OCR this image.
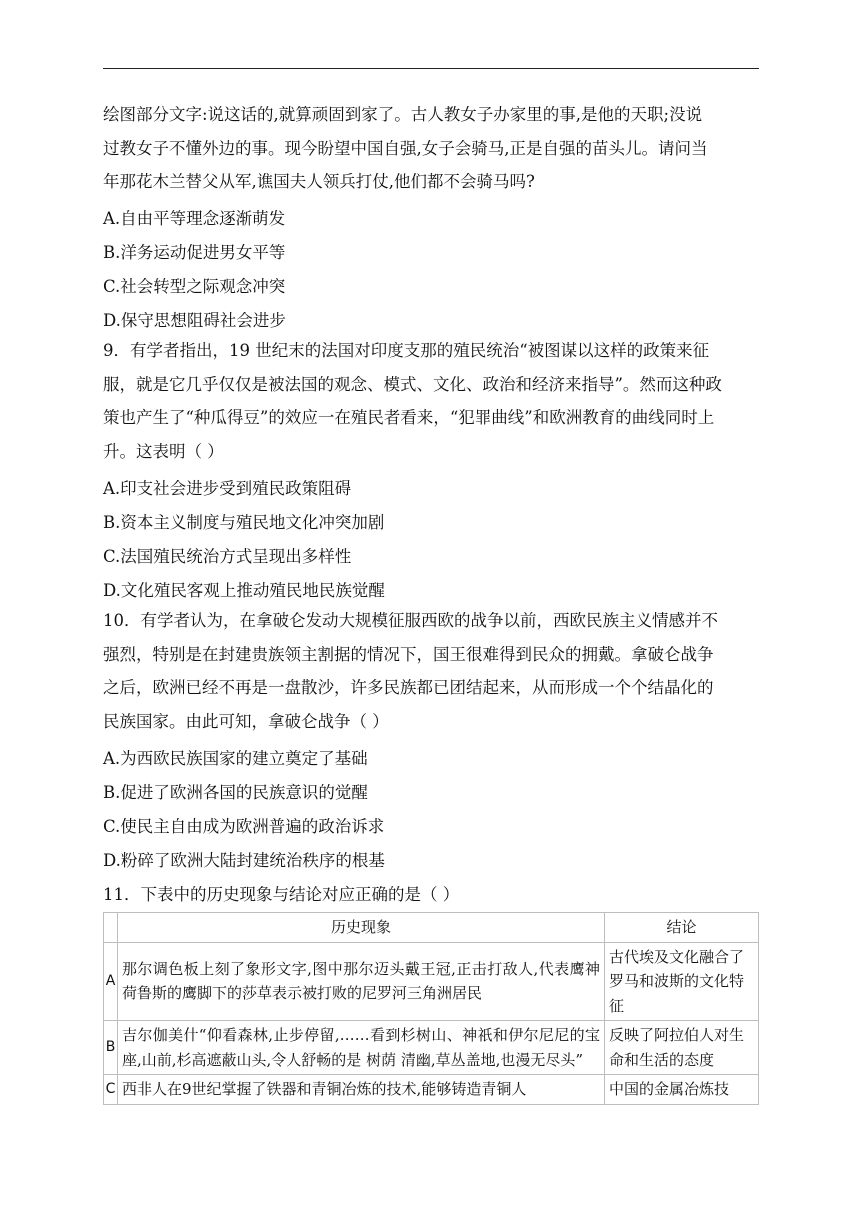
绘图部分文字:说这话的,就算顽固到家了。古人教女子办家里的事,是他的天职;没说
过教女子不懂外边的事。现今盼望中国自强,女子会骑马,正是自强的苗头儿。请问当
年那花木兰替父从军,谯国夫人领兵打仗,他们都不会骑马吗?
A.自由平等理念逐渐萌发
B.洋务运动促进男女平等
C.社会转型之际观念冲突
D.保守思想阻碍社会进步
9．有学者指出，19 世纪末的法国对印度支那的殖民统治“被图谋以这样的政策来征
服，就是它几乎仅仅是被法国的观念、模式、文化、政治和经济来指导”。然而这种政
策也产生了“种瓜得豆”的效应一在殖民者看来，“犯罪曲线”和欧洲教育的曲线同时上
升。这表明（ ）
A.印支社会进步受到殖民政策阻碍
B.资本主义制度与殖民地文化冲突加剧
C.法国殖民统治方式呈现出多样性
D.文化殖民客观上推动殖民地民族觉醒
10．有学者认为，在拿破仑发动大规模征服西欧的战争以前，西欧民族主义情感并不
强烈，特别是在封建贵族领主割据的情况下，国王很难得到民众的拥戴。拿破仑战争
之后，欧洲已经不再是一盘散沙，许多民族都已团结起来，从而形成一个个结晶化的
民族国家。由此可知，拿破仑战争（ ）
A.为西欧民族国家的建立奠定了基础
B.促进了欧洲各国的民族意识的觉醒
C.使民主自由成为欧洲普遍的政治诉求
D.粉碎了欧洲大陆封建统治秩序的根基
11．下表中的历史现象与结论对应正确的是（ ）
	历史现象	结论
A	那尔调色板上刻了象形文字,图中那尔迈头戴王冠,正击打敌人,代表鹰神荷鲁斯的鹰脚下的莎草表示被打败的尼罗河三角洲居民	古代埃及文化融合了罗马和波斯的文化特征
B	吉尔伽美什“仰看森林,止步停留,……看到杉树山、神祇和伊尔尼尼的宝座,山前,杉高遮蔽山头,令人舒畅的是 树荫 清幽,草丛盖地,也漫无尽头”	反映了阿拉伯人对生命和生活的态度
C	西非人在9世纪掌握了铁器和青铜冶炼的技术,能够铸造青铜人	中国的金属冶炼技
